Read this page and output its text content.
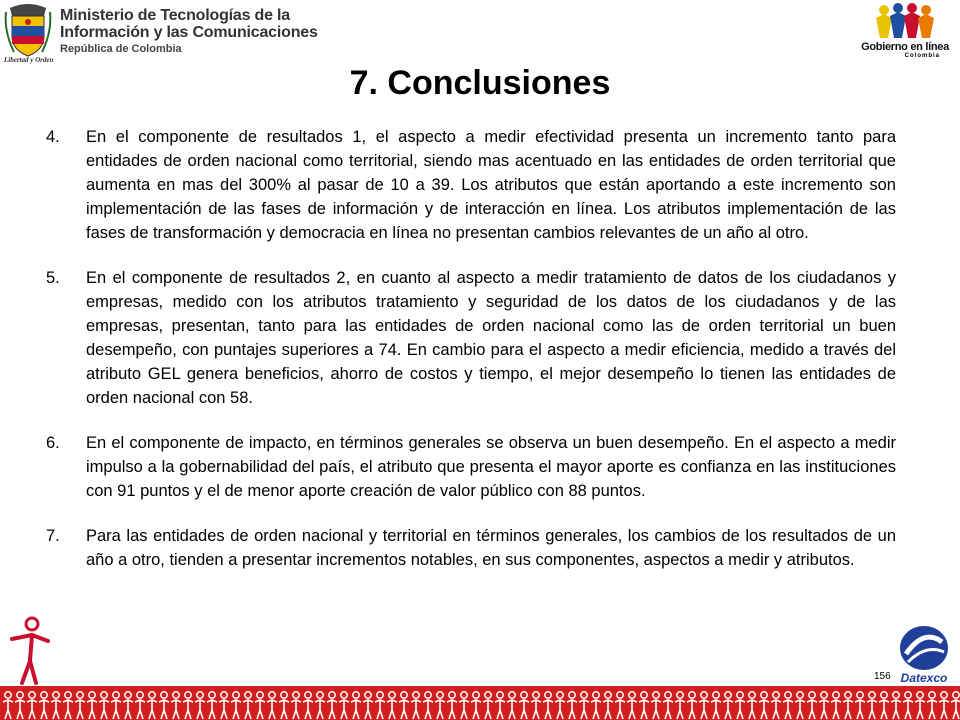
Ministerio de Tecnologías de la
Información y las Comunicaciones
República de Colombia
Libertad y Orden
Gobierno en línea
Colombia
7. Conclusiones
4.	En el componente de resultados 1, el aspecto a medir efectividad presenta un incremento tanto para entidades de orden nacional como territorial, siendo mas acentuado en las entidades de orden territorial que aumenta en mas del 300% al pasar de 10 a 39. Los atributos que están aportando a este incremento son implementación de las fases de información y de interacción en línea. Los atributos implementación de las fases de transformación y democracia en línea no presentan cambios relevantes de un año al otro.
5.	En el componente de resultados 2, en cuanto al aspecto a medir tratamiento de datos de los ciudadanos y empresas, medido con los atributos tratamiento y seguridad de los datos de los ciudadanos y de las empresas, presentan, tanto para las entidades de orden nacional como las de orden territorial un buen desempeño, con puntajes superiores a 74. En cambio para el aspecto a medir eficiencia, medido a través del atributo GEL genera beneficios, ahorro de costos y tiempo, el mejor desempeño lo tienen las entidades de orden nacional con 58.
6.	En el componente de impacto, en términos generales se observa un buen desempeño. En el aspecto a medir impulso a la gobernabilidad del país, el atributo que presenta el mayor aporte es confianza en las instituciones con 91 puntos y el de menor aporte creación de valor público con 88 puntos.
7.	Para las entidades de orden nacional y territorial en términos generales, los cambios de los resultados de un año a otro, tienden a presentar incrementos notables, en sus componentes, aspectos a medir y atributos.
156 Datexco
